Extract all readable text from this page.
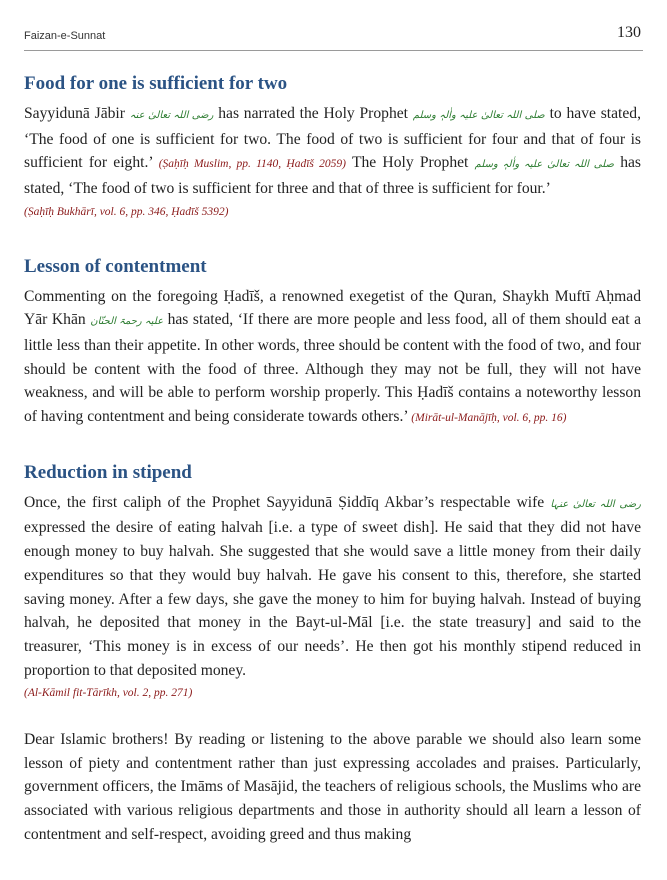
Faizan-e-Sunnat	130
Food for one is sufficient for two

Sayyidunā Jābir رضی اللہ تعالیٰ عنہ has narrated the Holy Prophet صلی اللہ تعالیٰ علیہ واٰلہٖ وسلم to have stated, ‘The food of one is sufficient for two. The food of two is sufficient for four and that of four is sufficient for eight.’ (Ṣaḥīḥ Muslim, pp. 1140, Ḥadīš 2059) The Holy Prophet صلی اللہ تعالیٰ علیہ واٰلہٖ وسلم has stated, ‘The food of two is sufficient for three and that of three is sufficient for four.’
(Ṣaḥīḥ Bukhārī, vol. 6, pp. 346, Ḥadīš 5392)

Lesson of contentment

Commenting on the foregoing Ḥadīš, a renowned exegetist of the Quran, Shaykh Muftī Aḥmad Yār Khān علیہ رحمۃ الحنّان has stated, ‘If there are more people and less food, all of them should eat a little less than their appetite. In other words, three should be content with the food of two, and four should be content with the food of three. Although they may not be full, they will not have weakness, and will be able to perform worship properly. This Ḥadīš contains a noteworthy lesson of having contentment and being considerate towards others.’ (Mirāt-ul-Manājīḥ, vol. 6, pp. 16)

Reduction in stipend

Once, the first caliph of the Prophet Sayyidunā Ṣiddīq Akbar’s respectable wife رضی اللہ تعالیٰ عنہا expressed the desire of eating halvah [i.e. a type of sweet dish]. He said that they did not have enough money to buy halvah. She suggested that she would save a little money from their daily expenditures so that they would buy halvah. He gave his consent to this, therefore, she started saving money. After a few days, she gave the money to him for buying halvah. Instead of buying halvah, he deposited that money in the Bayt-ul-Māl [i.e. the state treasury] and said to the treasurer, ‘This money is in excess of our needs’. He then got his monthly stipend reduced in proportion to that deposited money.
(Al-Kāmil fit-Tārīkh, vol. 2, pp. 271)

Dear Islamic brothers! By reading or listening to the above parable we should also learn some lesson of piety and contentment rather than just expressing accolades and praises. Particularly, government officers, the Imāms of Masājid, the teachers of religious schools, the Muslims who are associated with various religious departments and those in authority should all learn a lesson of contentment and self-respect, avoiding greed and thus making
